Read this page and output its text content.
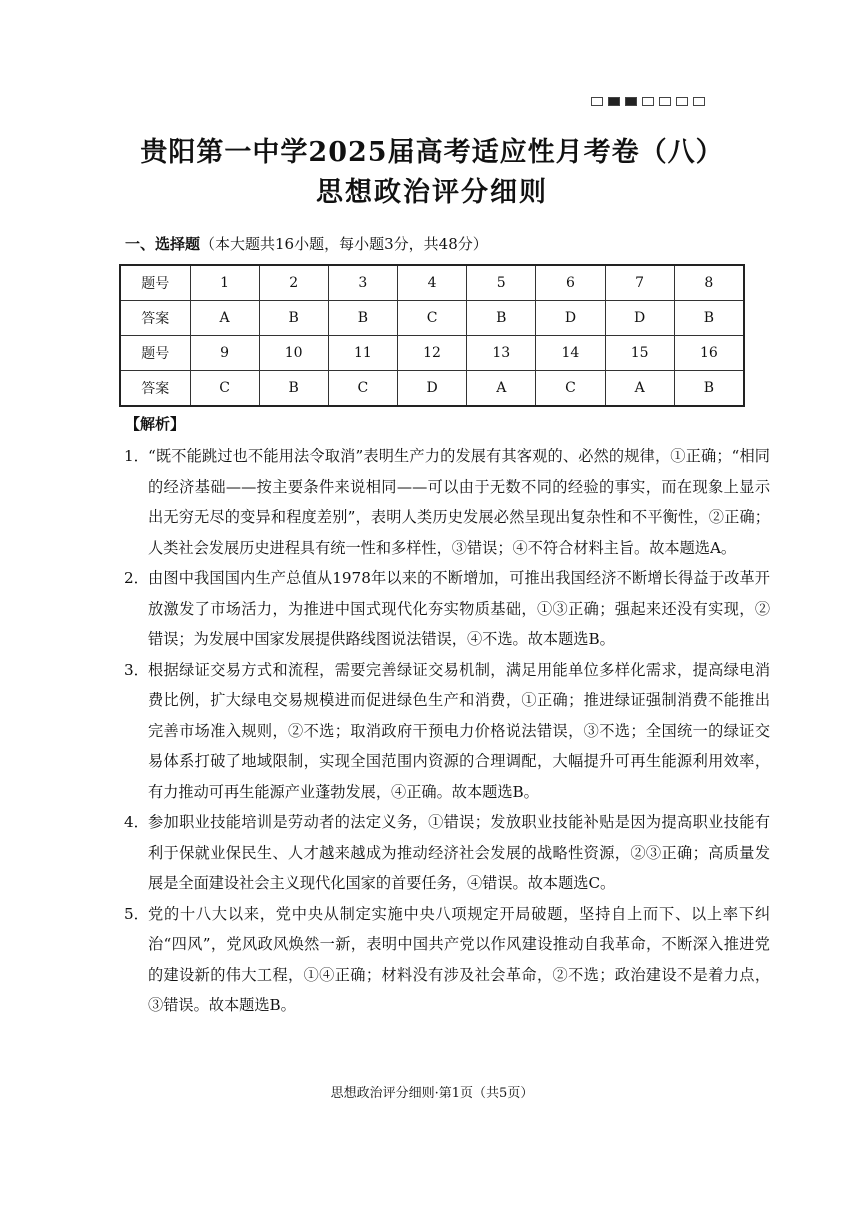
贵阳第一中学2025届高考适应性月考卷（八）
思想政治评分细则
一、选择题（本大题共16小题，每小题3分，共48分）
题号	1	2	3	4	5	6	7	8
答案	A	B	B	C	B	D	D	B
题号	9	10	11	12	13	14	15	16
答案	C	B	C	D	A	C	A	B
【解析】
1． “既不能跳过也不能用法令取消”表明生产力的发展有其客观的、必然的规律，①正确；“相同的经济基础——按主要条件来说相同——可以由于无数不同的经验的事实，而在现象上显示出无穷无尽的变异和程度差别”，表明人类历史发展必然呈现出复杂性和不平衡性，②正确；人类社会发展历史进程具有统一性和多样性，③错误；④不符合材料主旨。故本题选A。
2． 由图中我国国内生产总值从1978年以来的不断增加，可推出我国经济不断增长得益于改革开放激发了市场活力，为推进中国式现代化夯实物质基础，①③正确；强起来还没有实现，②错误；为发展中国家发展提供路线图说法错误，④不选。故本题选B。
3． 根据绿证交易方式和流程，需要完善绿证交易机制，满足用能单位多样化需求，提高绿电消费比例，扩大绿电交易规模进而促进绿色生产和消费，①正确；推进绿证强制消费不能推出完善市场准入规则，②不选；取消政府干预电力价格说法错误，③不选；全国统一的绿证交易体系打破了地域限制，实现全国范围内资源的合理调配，大幅提升可再生能源利用效率，有力推动可再生能源产业蓬勃发展，④正确。故本题选B。
4． 参加职业技能培训是劳动者的法定义务，①错误；发放职业技能补贴是因为提高职业技能有利于保就业保民生、人才越来越成为推动经济社会发展的战略性资源，②③正确；高质量发展是全面建设社会主义现代化国家的首要任务，④错误。故本题选C。
5． 党的十八大以来，党中央从制定实施中央八项规定开局破题，坚持自上而下、以上率下纠治“四风”，党风政风焕然一新，表明中国共产党以作风建设推动自我革命，不断深入推进党的建设新的伟大工程，①④正确；材料没有涉及社会革命，②不选；政治建设不是着力点，③错误。故本题选B。
思想政治评分细则·第1页（共5页）
